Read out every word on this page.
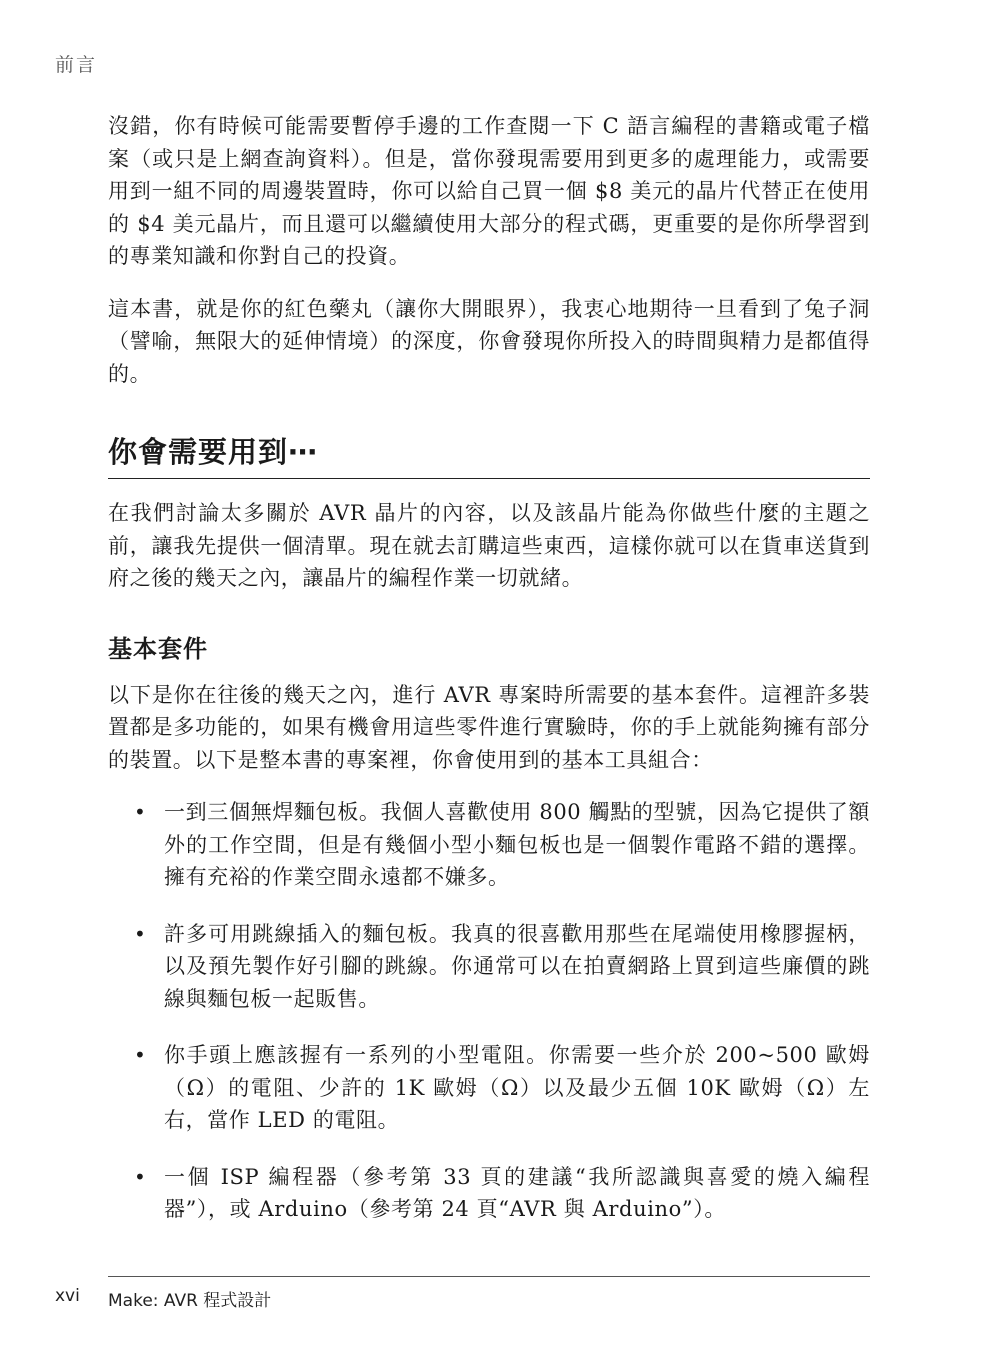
前言

沒錯，你有時候可能需要暫停手邊的工作查閱一下 C 語言編程的書籍或電子檔案（或只是上網查詢資料）。但是，當你發現需要用到更多的處理能力，或需要用到一組不同的周邊裝置時，你可以給自己買一個 $8 美元的晶片代替正在使用的 $4 美元晶片，而且還可以繼續使用大部分的程式碼，更重要的是你所學習到的專業知識和你對自己的投資。

這本書，就是你的紅色藥丸（讓你大開眼界），我衷心地期待一旦看到了兔子洞（譬喻，無限大的延伸情境）的深度，你會發現你所投入的時間與精力是都值得的。

你會需要用到⋯

在我們討論太多關於 AVR 晶片的內容，以及該晶片能為你做些什麼的主題之前，讓我先提供一個清單。現在就去訂購這些東西，這樣你就可以在貨車送貨到府之後的幾天之內，讓晶片的編程作業一切就緒。

基本套件

以下是你在往後的幾天之內，進行 AVR 專案時所需要的基本套件。這裡許多裝置都是多功能的，如果有機會用這些零件進行實驗時，你的手上就能夠擁有部分的裝置。以下是整本書的專案裡，你會使用到的基本工具組合：

• 一到三個無焊麵包板。我個人喜歡使用 800 觸點的型號，因為它提供了額外的工作空間，但是有幾個小型小麵包板也是一個製作電路不錯的選擇。擁有充裕的作業空間永遠都不嫌多。
• 許多可用跳線插入的麵包板。我真的很喜歡用那些在尾端使用橡膠握柄，以及預先製作好引腳的跳線。你通常可以在拍賣網路上買到這些廉價的跳線與麵包板一起販售。
• 你手頭上應該握有一系列的小型電阻。你需要一些介於 200~500 歐姆（Ω）的電阻、少許的 1K 歐姆（Ω）以及最少五個 10K 歐姆（Ω）左右，當作 LED 的電阻。
• 一個 ISP 編程器（參考第 33 頁的建議“我所認識與喜愛的燒入編程器”），或 Arduino（參考第 24 頁“AVR 與 Arduino”）。
xvi Make: AVR 程式設計
